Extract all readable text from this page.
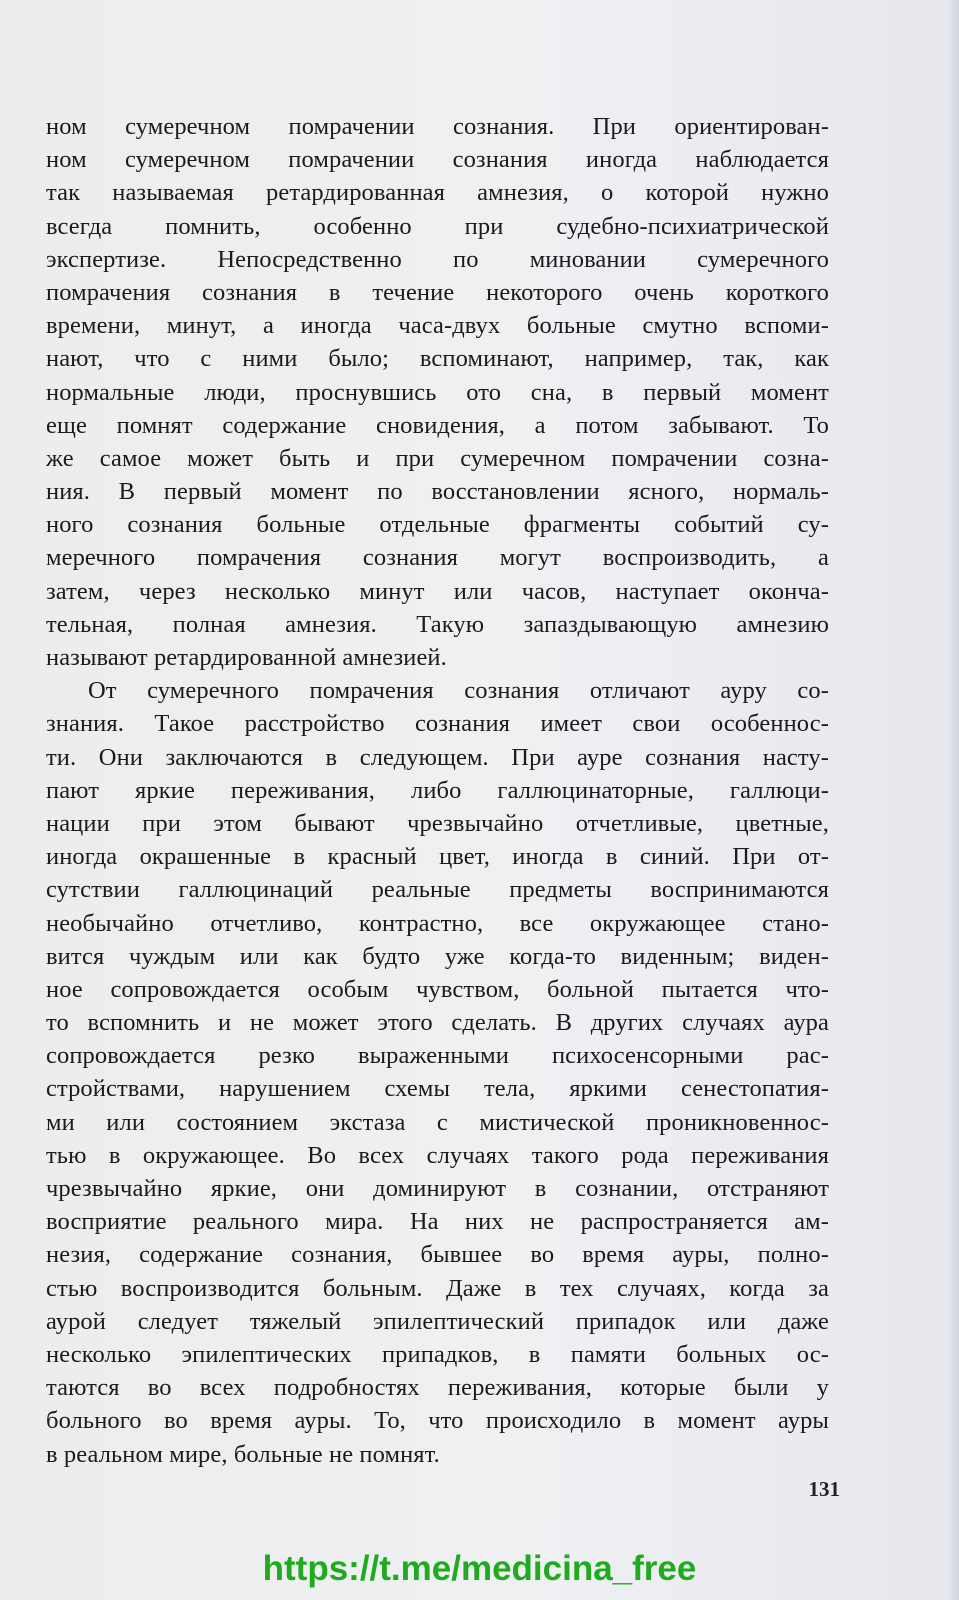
ном сумеречном помрачении сознания. При ориентирован-
ном сумеречном помрачении сознания иногда наблюдается
так называемая ретардированная амнезия, о которой нужно
всегда помнить, особенно при судебно-психиатрической
экспертизе. Непосредственно по миновании сумеречного
помрачения сознания в течение некоторого очень короткого
времени, минут, а иногда часа-двух больные смутно вспоми-
нают, что с ними было; вспоминают, например, так, как
нормальные люди, проснувшись ото сна, в первый момент
еще помнят содержание сновидения, а потом забывают. То
же самое может быть и при сумеречном помрачении созна-
ния. В первый момент по восстановлении ясного, нормаль-
ного сознания больные отдельные фрагменты событий су-
меречного помрачения сознания могут воспроизводить, а
затем, через несколько минут или часов, наступает оконча-
тельная, полная амнезия. Такую запаздывающую амнезию
называют ретардированной амнезией.
От сумеречного помрачения сознания отличают ауру со-
знания. Такое расстройство сознания имеет свои особеннос-
ти. Они заключаются в следующем. При ауре сознания насту-
пают яркие переживания, либо галлюцинаторные, галлюци-
нации при этом бывают чрезвычайно отчетливые, цветные,
иногда окрашенные в красный цвет, иногда в синий. При от-
сутствии галлюцинаций реальные предметы воспринимаются
необычайно отчетливо, контрастно, все окружающее стано-
вится чуждым или как будто уже когда-то виденным; виден-
ное сопровождается особым чувством, больной пытается что-
то вспомнить и не может этого сделать. В других случаях аура
сопровождается резко выраженными психосенсорными рас-
стройствами, нарушением схемы тела, яркими сенестопатия-
ми или состоянием экстаза с мистической проникновеннос-
тью в окружающее. Во всех случаях такого рода переживания
чрезвычайно яркие, они доминируют в сознании, отстраняют
восприятие реального мира. На них не распространяется ам-
незия, содержание сознания, бывшее во время ауры, полно-
стью воспроизводится больным. Даже в тех случаях, когда за
аурой следует тяжелый эпилептический припадок или даже
несколько эпилептических припадков, в памяти больных ос-
таются во всех подробностях переживания, которые были у
больного во время ауры. То, что происходило в момент ауры
в реальном мире, больные не помнят.
131
https://t.me/medicina_free
